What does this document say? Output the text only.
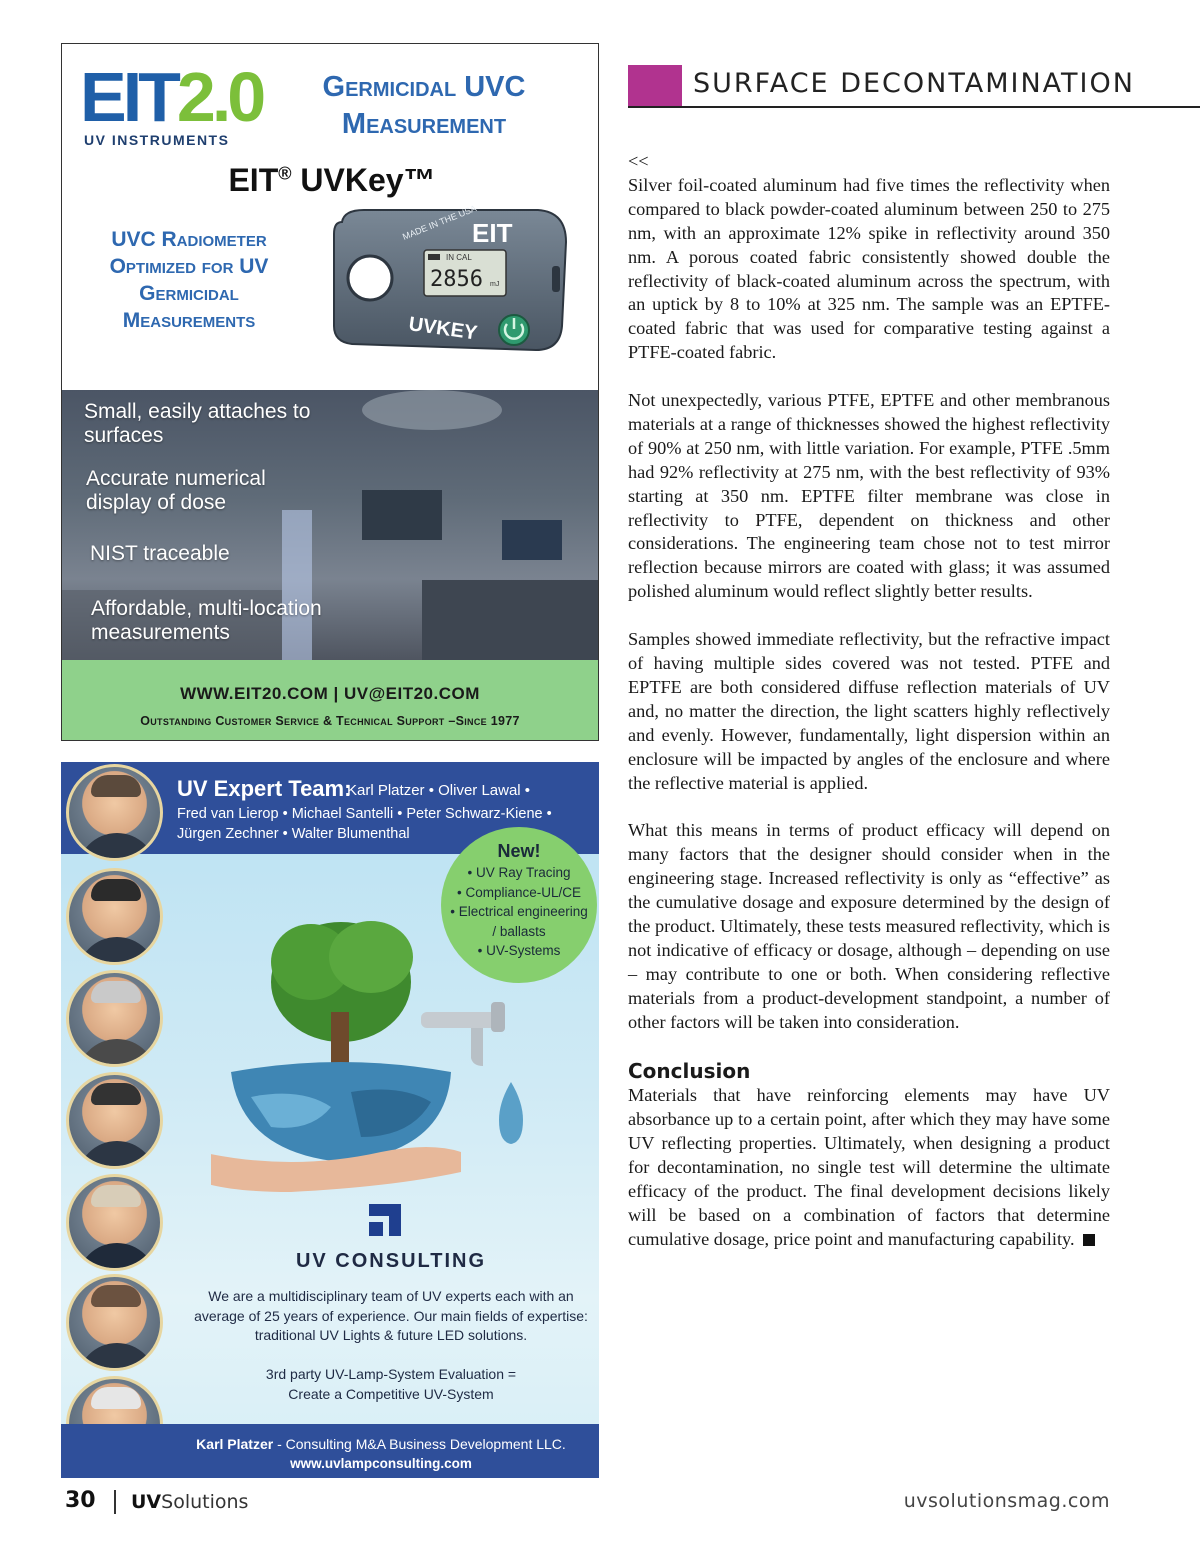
EIT2.0
UV INSTRUMENTS
Germicidal UVC Measurement
EIT® UVKey™
UVC Radiometer Optimized for UV Germicidal Measurements
IN CAL
2856 mJ
MADE IN THE USA
EIT
UVKEY
Small, easily attaches to surfaces
Accurate numerical display of dose
NIST traceable
Affordable, multi-location measurements
WWW.EIT20.COM | UV@EIT20.COM
Outstanding Customer Service & Technical Support –Since 1977
UV Expert Team:
Karl Platzer • Oliver Lawal •
Fred van Lierop • Michael Santelli • Peter Schwarz-Kiene •
Jürgen Zechner • Walter Blumenthal
New!
• UV Ray Tracing
• Compliance-UL/CE
• Electrical engineering
/ ballasts
• UV-Systems
UV CONSULTING
We are a multidisciplinary team of UV experts each with an average of 25 years of experience. Our main fields of expertise: traditional UV Lights & future LED solutions.
3rd party UV-Lamp-System Evaluation =
Create a Competitive UV-System
Karl Platzer - Consulting M&A Business Development LLC.
www.uvlampconsulting.com
SURFACE DECONTAMINATION

<<

Silver foil-coated aluminum had five times the reflectivity when compared to black powder-coated aluminum between 250 to 275 nm, with an approximate 12% spike in reflectivity around 350 nm. A porous coated fabric consistently showed double the reflectivity of black-coated aluminum across the spectrum, with an uptick by 8 to 10% at 325 nm. The sample was an EPTFE-coated fabric that was used for comparative testing against a PTFE-coated fabric.

Not unexpectedly, various PTFE, EPTFE and other membranous materials at a range of thicknesses showed the highest reflectivity of 90% at 250 nm, with little variation. For example, PTFE .5mm had 92% reflectivity at 275 nm, with the best reflectivity of 93% starting at 350 nm. EPTFE filter membrane was close in reflectivity to PTFE, dependent on thickness and other considerations. The engineering team chose not to test mirror reflection because mirrors are coated with glass; it was assumed polished aluminum would reflect slightly better results.

Samples showed immediate reflectivity, but the refractive impact of having multiple sides covered was not tested. PTFE and EPTFE are both considered diffuse reflection materials of UV and, no matter the direction, the light scatters highly reflectively and evenly. However, fundamentally, light dispersion within an enclosure will be impacted by angles of the enclosure and where the reflective material is applied.

What this means in terms of product efficacy will depend on many factors that the designer should consider when in the engineering stage. Increased reflectivity is only as “effective” as the cumulative dosage and exposure determined by the design of the product. Ultimately, these tests measured reflectivity, which is not indicative of efficacy or dosage, although – depending on use – may contribute to one or both. When considering reflective materials from a product-development standpoint, a number of other factors will be taken into consideration.

Conclusion

Materials that have reinforcing elements may have UV absorbance up to a certain point, after which they may have some UV reflecting properties. Ultimately, when designing a product for decontamination, no single test will determine the ultimate efficacy of the product. The final development decisions likely will be based on a combination of factors that determine cumulative dosage, price point and manufacturing capability.

30 UVSolutions	uvsolutionsmag.com
